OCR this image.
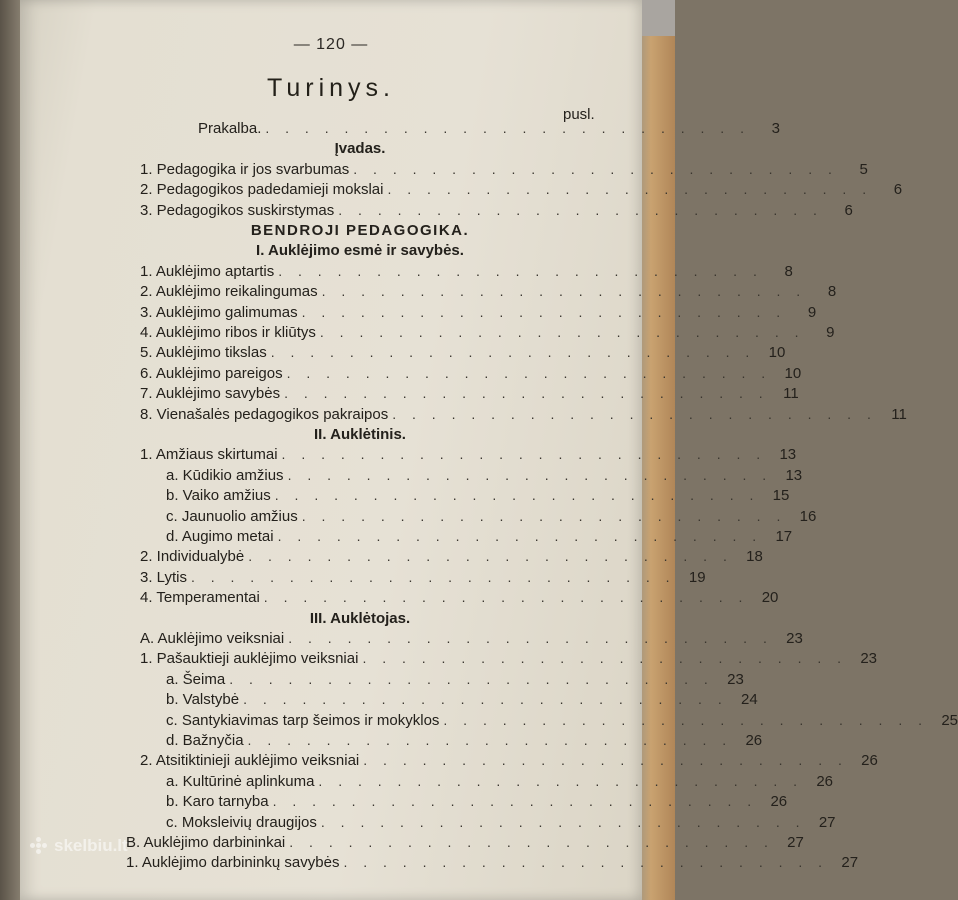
— 120 —
Turinys.
pusl.
Prakalba. . . . . . . . . . . . . . . . . . . . . . . . . .	3
Įvadas.
1. Pedagogika ir jos svarbumas . . . . . . . . . . . . . . . . . . . . . . . . .	5
2. Pedagogikos padedamieji mokslai . . . . . . . . . . . . . . . . . . . . . . . . .	6
3. Pedagogikos suskirstymas . . . . . . . . . . . . . . . . . . . . . . . . .	6
BENDROJI PEDAGOGIKA.
I. Auklėjimo esmė ir savybės.
1. Auklėjimo aptartis . . . . . . . . . . . . . . . . . . . . . . . . .	8
2. Auklėjimo reikalingumas . . . . . . . . . . . . . . . . . . . . . . . . .	8
3. Auklėjimo galimumas . . . . . . . . . . . . . . . . . . . . . . . . .	9
4. Auklėjimo ribos ir kliūtys . . . . . . . . . . . . . . . . . . . . . . . . .	9
5. Auklėjimo tikslas . . . . . . . . . . . . . . . . . . . . . . . . . 10
6. Auklėjimo pareigos . . . . . . . . . . . . . . . . . . . . . . . . . 10
7. Auklėjimo savybės . . . . . . . . . . . . . . . . . . . . . . . . . 11
8. Vienašalės pedagogikos pakraipos . . . . . . . . . . . . . . . . . . . . . . . . . 11
II. Auklėtinis.
1. Amžiaus skirtumai . . . . . . . . . . . . . . . . . . . . . . . . . 13
a. Kūdikio amžius . . . . . . . . . . . . . . . . . . . . . . . . . 13
b. Vaiko amžius . . . . . . . . . . . . . . . . . . . . . . . . . 15
c. Jaunuolio amžius . . . . . . . . . . . . . . . . . . . . . . . . . 16
d. Augimo metai . . . . . . . . . . . . . . . . . . . . . . . . . 17
2. Individualybė . . . . . . . . . . . . . . . . . . . . . . . . . 18
3. Lytis . . . . . . . . . . . . . . . . . . . . . . . . . 19
4. Temperamentai . . . . . . . . . . . . . . . . . . . . . . . . . 20
III. Auklėtojas.
A. Auklėjimo veiksniai . . . . . . . . . . . . . . . . . . . . . . . . . 23
1. Pašauktieji auklėjimo veiksniai . . . . . . . . . . . . . . . . . . . . . . . . . 23
a. Šeima . . . . . . . . . . . . . . . . . . . . . . . . . 23
b. Valstybė . . . . . . . . . . . . . . . . . . . . . . . . . 24
c. Santykiavimas tarp šeimos ir mokyklos . . . . . . . . . . . . . . . . . . . . . . . . . 25
d. Bažnyčia . . . . . . . . . . . . . . . . . . . . . . . . . 26
2. Atsitiktinieji auklėjimo veiksniai . . . . . . . . . . . . . . . . . . . . . . . . . 26
a. Kultūrinė aplinkuma . . . . . . . . . . . . . . . . . . . . . . . . . 26
b. Karo tarnyba . . . . . . . . . . . . . . . . . . . . . . . . . 26
c. Moksleivių draugijos . . . . . . . . . . . . . . . . . . . . . . . . . 27
B. Auklėjimo darbininkai . . . . . . . . . . . . . . . . . . . . . . . . . 27
1. Auklėjimo darbininkų savybės . . . . . . . . . . . . . . . . . . . . . . . . . 27
skelbiu.lt
